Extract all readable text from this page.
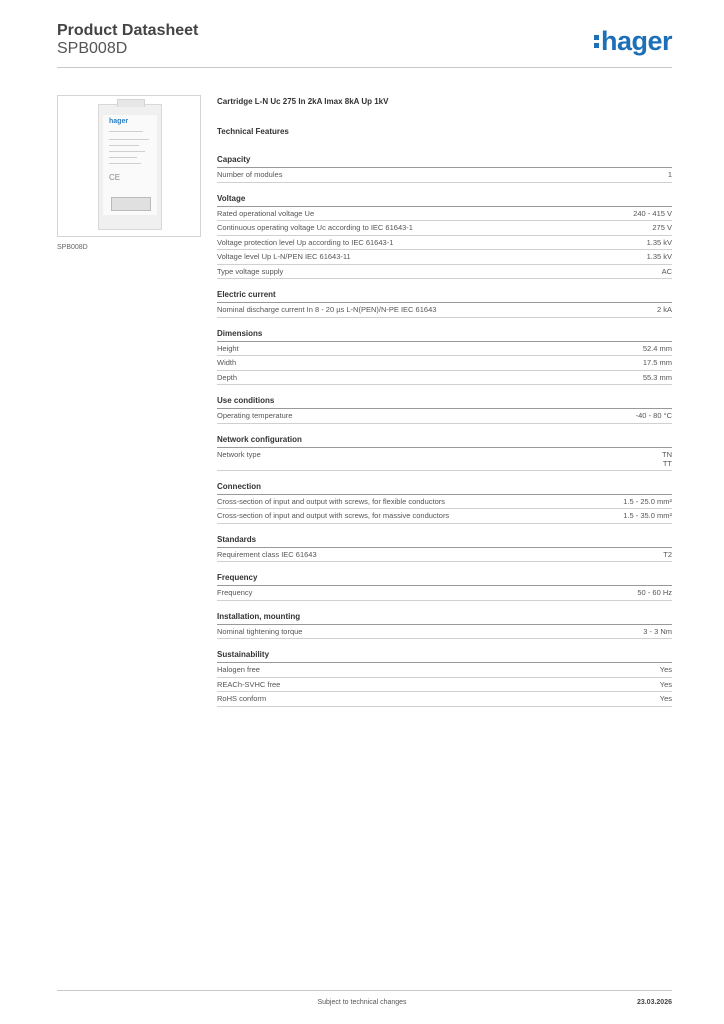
Product Datasheet
SPB008D	hager
hager
CE
SPB008D
Cartridge L-N Uc 275 In 2kA Imax 8kA Up 1kV
Technical Features
Capacity
Number of modules	1
Voltage
Rated operational voltage Ue	240 - 415 V
Continuous operating voltage Uc according to IEC 61643-1	275 V
Voltage protection level Up according to IEC 61643-1	1.35 kV
Voltage level Up L-N/PEN IEC 61643-11	1.35 kV
Type voltage supply	AC
Electric current
Nominal discharge current In 8 - 20 µs L-N(PEN)/N-PE IEC 61643	2 kA
Dimensions
Height	52.4 mm
Width	17.5 mm
Depth	55.3 mm
Use conditions
Operating temperature	-40 - 80 °C
Network configuration
Network type	TN
TT
Connection
Cross-section of input and output with screws, for flexible conductors	1.5 - 25.0 mm²
Cross-section of input and output with screws, for massive conductors	1.5 - 35.0 mm²
Standards
Requirement class IEC 61643	T2
Frequency
Frequency	50 - 60 Hz
Installation, mounting
Nominal tightening torque	3 - 3 Nm
Sustainability
Halogen free	Yes
REACh-SVHC free	Yes
RoHS conform	Yes
Subject to technical changes	23.03.2026
